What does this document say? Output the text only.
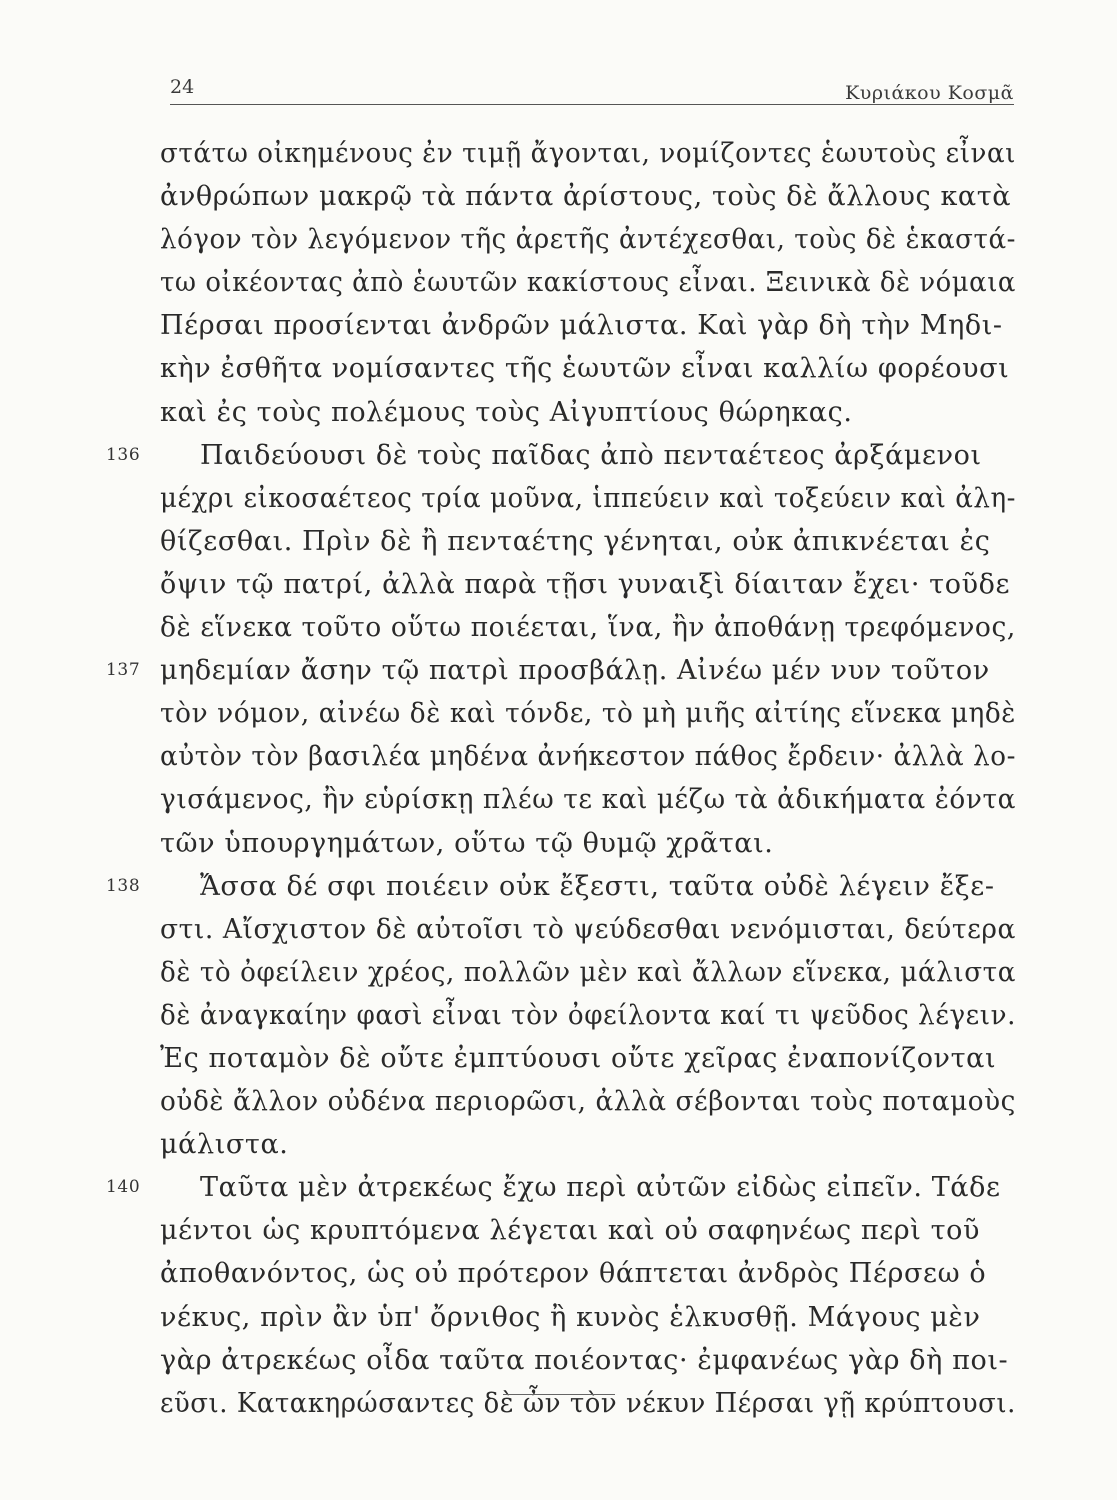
24	Κυριάκου Κοσμᾶ
στάτω οἰκημένους ἐν τιμῇ ἄγονται, νομίζοντες ἑωυτοὺς εἶναι
ἀνθρώπων μακρῷ τὰ πάντα ἀρίστους, τοὺς δὲ ἄλλους κατὰ
λόγον τὸν λεγόμενον τῆς ἀρετῆς ἀντέχεσθαι, τοὺς δὲ ἑκαστά-
τω οἰκέοντας ἀπὸ ἑωυτῶν κακίστους εἶναι. Ξεινικὰ δὲ νόμαια
Πέρσαι προσίενται ἀνδρῶν μάλιστα. Καὶ γὰρ δὴ τὴν Μηδι-
κὴν ἐσθῆτα νομίσαντες τῆς ἑωυτῶν εἶναι καλλίω φορέουσι
καὶ ἐς τοὺς πολέμους τοὺς Αἰγυπτίους θώρηκας.
136 Παιδεύουσι δὲ τοὺς παῖδας ἀπὸ πενταέτεος ἀρξάμενοι
μέχρι εἰκοσαέτεος τρία μοῦνα, ἱππεύειν καὶ τοξεύειν καὶ ἀλη-
θίζεσθαι. Πρὶν δὲ ἢ πενταέτης γένηται, οὐκ ἀπικνέεται ἐς
ὄψιν τῷ πατρί, ἀλλὰ παρὰ τῇσι γυναιξὶ δίαιταν ἔχει· τοῦδε
δὲ εἵνεκα τοῦτο οὕτω ποιέεται, ἵνα, ἢν ἀποθάνῃ τρεφόμενος,
137 μηδεμίαν ἄσην τῷ πατρὶ προσβάλῃ. Αἰνέω μέν νυν τοῦτον
τὸν νόμον, αἰνέω δὲ καὶ τόνδε, τὸ μὴ μιῆς αἰτίης εἵνεκα μηδὲ
αὐτὸν τὸν βασιλέα μηδένα ἀνήκεστον πάθος ἔρδειν· ἀλλὰ λο-
γισάμενος, ἢν εὑρίσκῃ πλέω τε καὶ μέζω τὰ ἀδικήματα ἐόντα
τῶν ὑπουργημάτων, οὕτω τῷ θυμῷ χρᾶται.
138 Ἄσσα δέ σφι ποιέειν οὐκ ἔξεστι, ταῦτα οὐδὲ λέγειν ἔξε-
στι. Αἴσχιστον δὲ αὐτοῖσι τὸ ψεύδεσθαι νενόμισται, δεύτερα
δὲ τὸ ὀφείλειν χρέος, πολλῶν μὲν καὶ ἄλλων εἵνεκα, μάλιστα
δὲ ἀναγκαίην φασὶ εἶναι τὸν ὀφείλοντα καί τι ψεῦδος λέγειν.
Ἐς ποταμὸν δὲ οὔτε ἐμπτύουσι οὔτε χεῖρας ἐναπονίζονται
οὐδὲ ἄλλον οὐδένα περιορῶσι, ἀλλὰ σέβονται τοὺς ποταμοὺς
μάλιστα.
140 Ταῦτα μὲν ἀτρεκέως ἔχω περὶ αὐτῶν εἰδὼς εἰπεῖν. Τάδε
μέντοι ὡς κρυπτόμενα λέγεται καὶ οὐ σαφηνέως περὶ τοῦ
ἀποθανόντος, ὡς οὐ πρότερον θάπτεται ἀνδρὸς Πέρσεω ὁ
νέκυς, πρὶν ἂν ὑπ' ὄρνιθος ἢ κυνὸς ἑλκυσθῇ. Μάγους μὲν
γὰρ ἀτρεκέως οἶδα ταῦτα ποιέοντας· ἐμφανέως γὰρ δὴ ποι-
εῦσι. Κατακηρώσαντες δὲ ὦν τὸν νέκυν Πέρσαι γῇ κρύπτουσι.
